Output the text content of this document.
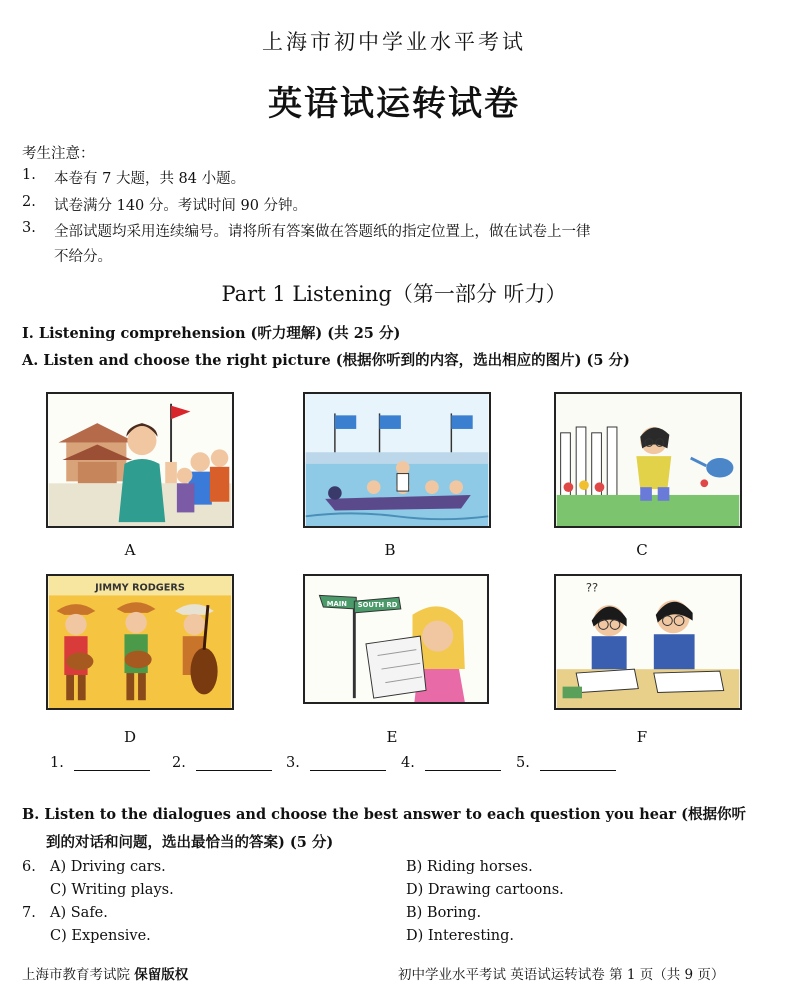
上海市初中学业水平考试
英语试运转试卷
考生注意：
1. 本卷有 7 大题，共 84 小题。
2. 试卷满分 140 分。考试时间 90 分钟。
3. 全部试题均采用连续编号。请将所有答案做在答题纸的指定位置上，做在试卷上一律
不给分。
Part 1 Listening（第一部分 听力）
I. Listening comprehension (听力理解) (共 25 分)
A. Listen and choose the right picture (根据你听到的内容，选出相应的图片) (5 分)
A	B	C
JIMMY RODGERS
MAIN SOUTH RD
??
D	E	F
1.	2.	3.	4.	5.
B. Listen to the dialogues and choose the best answer to each question you hear (根据你听
到的对话和问题，选出最恰当的答案) (5 分)
6. A) Driving cars.	B) Riding horses.
C) Writing plays.	D) Drawing cartoons.
7. A) Safe.	B) Boring.
C) Expensive.	D) Interesting.
上海市教育考试院 保留版权	初中学业水平考试 英语试运转试卷 第 1 页（共 9 页）
